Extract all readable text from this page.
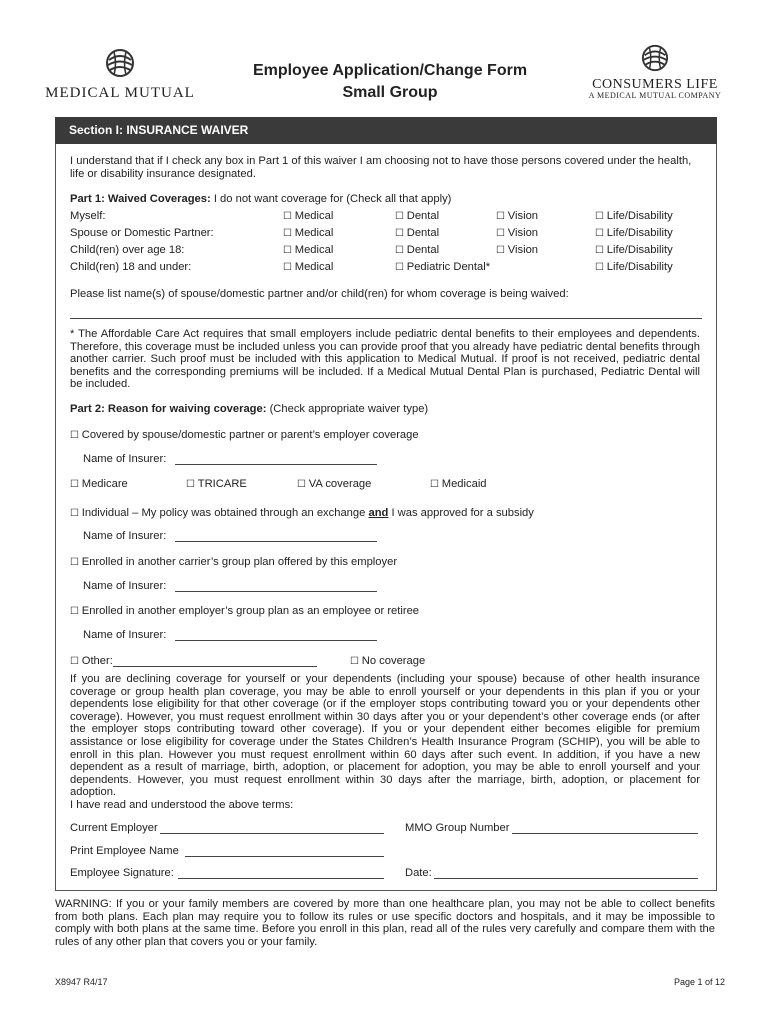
MEDICAL MUTUAL
Employee Application/Change Form
Small Group	CONSUMERS LIFE
A MEDICAL MUTUAL COMPANY
Section I: INSURANCE WAIVER
I understand that if I check any box in Part 1 of this waiver I am choosing not to have those persons covered under the health,
life or disability insurance designated.
Part 1: Waived Coverages: I do not want coverage for (Check all that apply)
Myself:	☐ Medical	☐ Dental	☐ Vision	☐ Life/Disability
Spouse or Domestic Partner:	☐ Medical	☐ Dental	☐ Vision	☐ Life/Disability
Child(ren) over age 18:	☐ Medical	☐ Dental	☐ Vision	☐ Life/Disability
Child(ren) 18 and under:	☐ Medical	☐ Pediatric Dental*	☐ Life/Disability
Please list name(s) of spouse/domestic partner and/or child(ren) for whom coverage is being waived:
* The Affordable Care Act requires that small employers include pediatric dental benefits to their employees and dependents. Therefore, this coverage must be included unless you can provide proof that you already have pediatric dental benefits through another carrier. Such proof must be included with this application to Medical Mutual. If proof is not received, pediatric dental benefits and the corresponding premiums will be included. If a Medical Mutual Dental Plan is purchased, Pediatric Dental will be included.
Part 2: Reason for waiving coverage: (Check appropriate waiver type)
☐ Covered by spouse/domestic partner or parent’s employer coverage
Name of Insurer:
☐ Medicare	☐ TRICARE	☐ VA coverage	☐ Medicaid
☐ Individual – My policy was obtained through an exchange and I was approved for a subsidy
Name of Insurer:
☐ Enrolled in another carrier’s group plan offered by this employer
Name of Insurer:
☐ Enrolled in another employer’s group plan as an employee or retiree
Name of Insurer:
☐ Other:	☐ No coverage
If you are declining coverage for yourself or your dependents (including your spouse) because of other health insurance coverage or group health plan coverage, you may be able to enroll yourself or your dependents in this plan if you or your dependents lose eligibility for that other coverage (or if the employer stops contributing toward you or your dependents other coverage). However, you must request enrollment within 30 days after you or your dependent’s other coverage ends (or after the employer stops contributing toward other coverage). If you or your dependent either becomes eligible for premium assistance or lose eligibility for coverage under the States Children’s Health Insurance Program (SCHIP), you will be able to enroll in this plan. However you must request enrollment within 60 days after such event. In addition, if you have a new dependent as a result of marriage, birth, adoption, or placement for adoption, you may be able to enroll yourself and your dependents. However, you must request enrollment within 30 days after the marriage, birth, adoption, or placement for adoption.
I have read and understood the above terms:
Current Employer	MMO Group Number
Print Employee Name
Employee Signature:	Date:
WARNING: If you or your family members are covered by more than one healthcare plan, you may not be able to collect benefits from both plans. Each plan may require you to follow its rules or use specific doctors and hospitals, and it may be impossible to comply with both plans at the same time. Before you enroll in this plan, read all of the rules very carefully and compare them with the rules of any other plan that covers you or your family.
X8947 R4/17	Page 1 of 12
